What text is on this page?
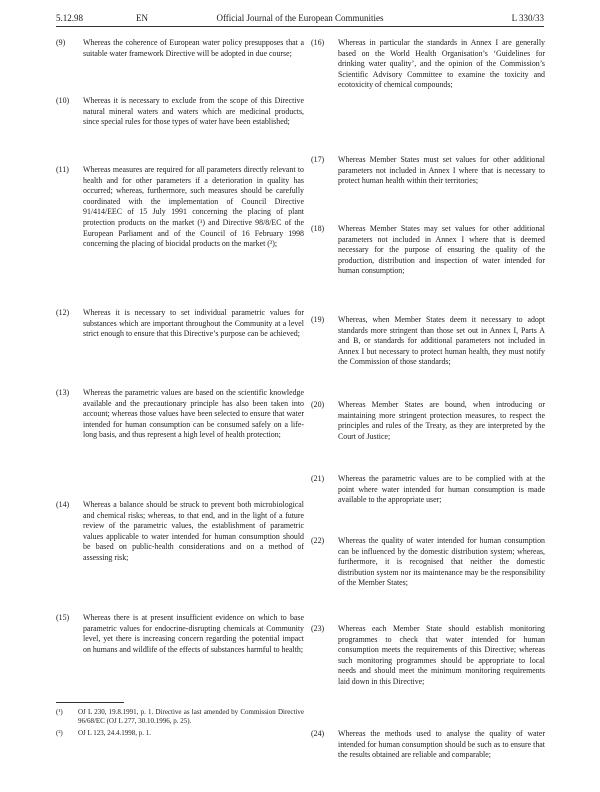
5.12.98	EN	Official Journal of the European Communities	L 330/33
(9)	Whereas the coherence of European water policy presupposes that a suitable water framework Directive will be adopted in due course;
(10)	Whereas it is necessary to exclude from the scope of this Directive natural mineral waters and waters which are medicinal products, since special rules for those types of water have been established;
(11)	Whereas measures are required for all parameters directly relevant to health and for other parameters if a deterioration in quality has occurred; whereas, furthermore, such measures should be carefully coordinated with the implementation of Council Directive 91/414/EEC of 15 July 1991 concerning the placing of plant protection products on the market (¹) and Directive 98/8/EC of the European Parliament and of the Council of 16 February 1998 concerning the placing of biocidal products on the market (²);
(12)	Whereas it is necessary to set individual parametric values for substances which are important throughout the Community at a level strict enough to ensure that this Directive’s purpose can be achieved;
(13)	Whereas the parametric values are based on the scientific knowledge available and the precautionary principle has also been taken into account; whereas those values have been selected to ensure that water intended for human consumption can be consumed safely on a life-long basis, and thus represent a high level of health protection;
(14)	Whereas a balance should be struck to prevent both microbiological and chemical risks; whereas, to that end, and in the light of a future review of the parametric values, the establishment of parametric values applicable to water intended for human consumption should be based on public-health considerations and on a method of assessing risk;
(15)	Whereas there is at present insufficient evidence on which to base parametric values for endocrine-disrupting chemicals at Community level, yet there is increasing concern regarding the potential impact on humans and wildlife of the effects of substances harmful to health;
(16)	Whereas in particular the standards in Annex I are generally based on the World Health Organisation’s ‘Guidelines for drinking water quality’, and the opinion of the Commission’s Scientific Advisory Committee to examine the toxicity and ecotoxicity of chemical compounds;
(17)	Whereas Member States must set values for other additional parameters not included in Annex I where that is necessary to protect human health within their territories;
(18)	Whereas Member States may set values for other additional parameters not included in Annex I where that is deemed necessary for the purpose of ensuring the quality of the production, distribution and inspection of water intended for human consumption;
(19)	Whereas, when Member States deem it necessary to adopt standards more stringent than those set out in Annex I, Parts A and B, or standards for additional parameters not included in Annex I but necessary to protect human health, they must notify the Commission of those standards;
(20)	Whereas Member States are bound, when introducing or maintaining more stringent protection measures, to respect the principles and rules of the Treaty, as they are interpreted by the Court of Justice;
(21)	Whereas the parametric values are to be complied with at the point where water intended for human consumption is made available to the appropriate user;
(22)	Whereas the quality of water intended for human consumption can be influenced by the domestic distribution system; whereas, furthermore, it is recognised that neither the domestic distribution system nor its maintenance may be the responsibility of the Member States;
(23)	Whereas each Member State should establish monitoring programmes to check that water intended for human consumption meets the requirements of this Directive; whereas such monitoring programmes should be appropriate to local needs and should meet the minimum monitoring requirements laid down in this Directive;
(24)	Whereas the methods used to analyse the quality of water intended for human consumption should be such as to ensure that the results obtained are reliable and comparable;
(¹) OJ L 230, 19.8.1991, p. 1. Directive as last amended by Commission Directive 96/68/EC (OJ L 277, 30.10.1996, p. 25).
(²) OJ L 123, 24.4.1998, p. 1.
